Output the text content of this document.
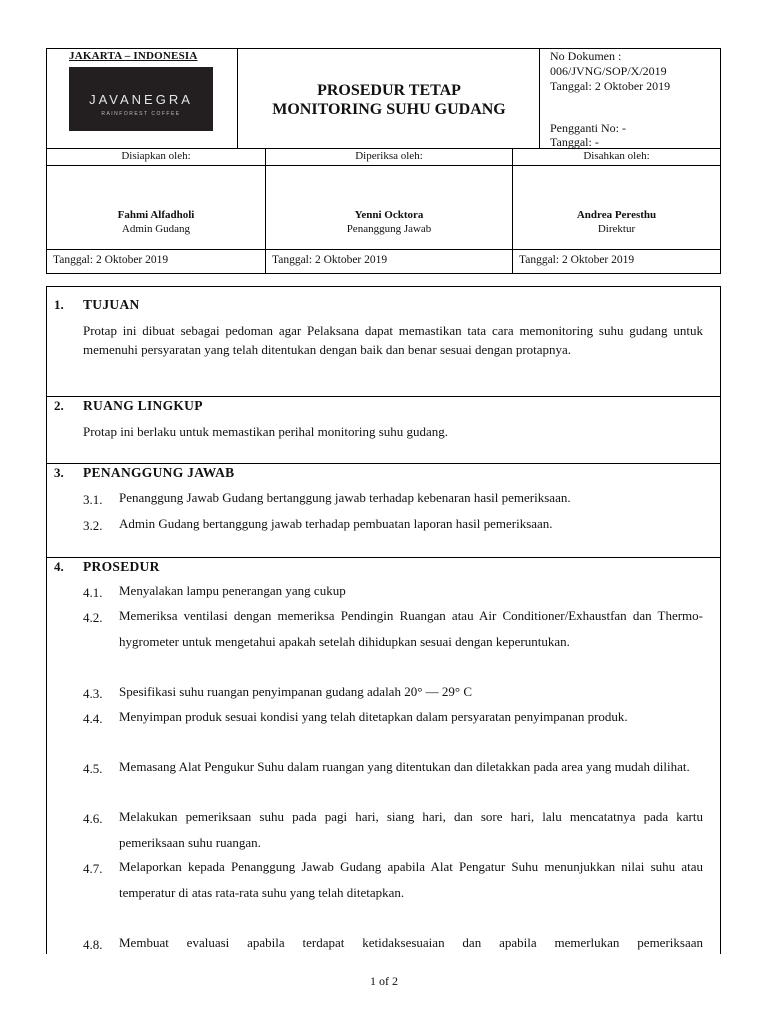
JAVANEGRA
RAINFOREST COFFEE
JAKARTA – INDONESIA
PROSEDUR TETAP
MONITORING SUHU GUDANG
No Dokumen :
006/JVNG/SOP/X/2019
Tanggal: 2 Oktober 2019
Pengganti No: -
Tanggal: -
Disiapkan oleh:	Diperiksa oleh:	Disahkan oleh:
Fahmi Alfadholi
Admin Gudang
Yenni Ocktora
Penanggung Jawab
Andrea Peresthu
Direktur
Tanggal: 2 Oktober 2019	Tanggal: 2 Oktober 2019	Tanggal: 2 Oktober 2019
1. TUJUAN
Protap ini dibuat sebagai pedoman agar Pelaksana dapat memastikan tata cara memonitoring suhu gudang untuk memenuhi persyaratan yang telah ditentukan dengan baik dan benar sesuai dengan protapnya.
2. RUANG LINGKUP
Protap ini berlaku untuk memastikan perihal monitoring suhu gudang.
3. PENANGGUNG JAWAB
3.1. Penanggung Jawab Gudang bertanggung jawab terhadap kebenaran hasil pemeriksaan.
3.2. Admin Gudang bertanggung jawab terhadap pembuatan laporan hasil pemeriksaan.
4. PROSEDUR
4.1. Menyalakan lampu penerangan yang cukup
4.2. Memeriksa ventilasi dengan memeriksa Pendingin Ruangan atau Air Conditioner/Exhaustfan dan Thermo-hygrometer untuk mengetahui apakah setelah dihidupkan sesuai dengan keperuntukan.
4.3. Spesifikasi suhu ruangan penyimpanan gudang adalah 20° — 29° C
4.4. Menyimpan produk sesuai kondisi yang telah ditetapkan dalam persyaratan penyimpanan produk.
4.5. Memasang Alat Pengukur Suhu dalam ruangan yang ditentukan dan diletakkan pada area yang mudah dilihat.
4.6. Melakukan pemeriksaan suhu pada pagi hari, siang hari, dan sore hari, lalu mencatatnya pada kartu pemeriksaan suhu ruangan.
4.7. Melaporkan kepada Penanggung Jawab Gudang apabila Alat Pengatur Suhu menunjukkan nilai suhu atau temperatur di atas rata-rata suhu yang telah ditetapkan.
4.8. Membuat evaluasi apabila terdapat ketidaksesuaian dan apabila memerlukan pemeriksaan
1 of 2
